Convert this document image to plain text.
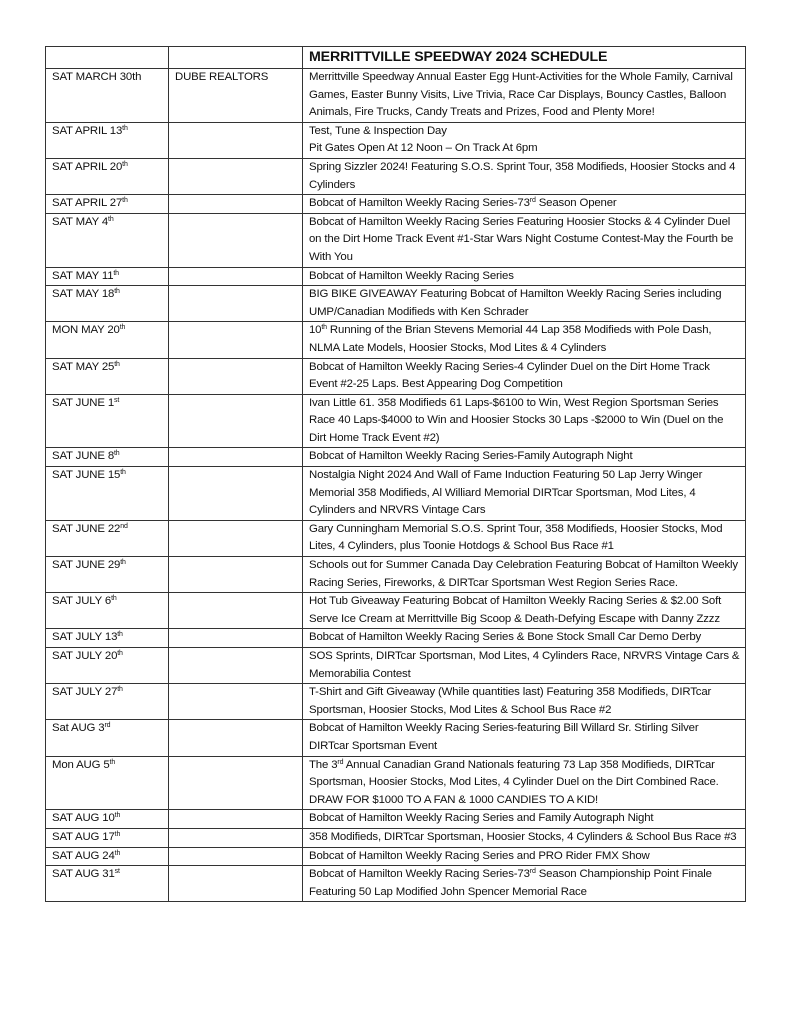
		MERRITTVILLE SPEEDWAY 2024 SCHEDULE
SAT MARCH 30th	DUBE REALTORS	Merrittville Speedway Annual Easter Egg Hunt-Activities for the Whole Family, Carnival Games, Easter Bunny Visits, Live Trivia, Race Car Displays, Bouncy Castles, Balloon Animals, Fire Trucks, Candy Treats and Prizes, Food and Plenty More!
SAT APRIL 13th		Test, Tune & Inspection Day
Pit Gates Open At 12 Noon – On Track At 6pm
SAT APRIL 20th		Spring Sizzler 2024! Featuring S.O.S. Sprint Tour, 358 Modifieds, Hoosier Stocks and 4 Cylinders
SAT APRIL 27th		Bobcat of Hamilton Weekly Racing Series-73rd Season Opener
SAT MAY 4th		Bobcat of Hamilton Weekly Racing Series Featuring Hoosier Stocks & 4 Cylinder Duel on the Dirt Home Track Event #1-Star Wars Night Costume Contest-May the Fourth be With You
SAT MAY 11th		Bobcat of Hamilton Weekly Racing Series
SAT MAY 18th		BIG BIKE GIVEAWAY Featuring Bobcat of Hamilton Weekly Racing Series including UMP/Canadian Modifieds with Ken Schrader
MON MAY 20th		10th Running of the Brian Stevens Memorial 44 Lap 358 Modifieds with Pole Dash, NLMA Late Models, Hoosier Stocks, Mod Lites & 4 Cylinders
SAT MAY 25th		Bobcat of Hamilton Weekly Racing Series-4 Cylinder Duel on the Dirt Home Track Event #2-25 Laps. Best Appearing Dog Competition
SAT JUNE 1st		Ivan Little 61. 358 Modifieds 61 Laps-$6100 to Win, West Region Sportsman Series Race 40 Laps-$4000 to Win and Hoosier Stocks 30 Laps -$2000 to Win (Duel on the Dirt Home Track Event #2)
SAT JUNE 8th		Bobcat of Hamilton Weekly Racing Series-Family Autograph Night
SAT JUNE 15th		Nostalgia Night 2024 And Wall of Fame Induction Featuring 50 Lap Jerry Winger Memorial 358 Modifieds, Al Williard Memorial DIRTcar Sportsman, Mod Lites, 4 Cylinders and NRVRS Vintage Cars
SAT JUNE 22nd		Gary Cunningham Memorial S.O.S. Sprint Tour, 358 Modifieds, Hoosier Stocks, Mod Lites, 4 Cylinders, plus Toonie Hotdogs & School Bus Race #1
SAT JUNE 29th		Schools out for Summer Canada Day Celebration Featuring Bobcat of Hamilton Weekly Racing Series, Fireworks, & DIRTcar Sportsman West Region Series Race.
SAT JULY 6th		Hot Tub Giveaway Featuring Bobcat of Hamilton Weekly Racing Series & $2.00 Soft Serve Ice Cream at Merrittville Big Scoop & Death-Defying Escape with Danny Zzzz
SAT JULY 13th		Bobcat of Hamilton Weekly Racing Series & Bone Stock Small Car Demo Derby
SAT JULY 20th		SOS Sprints, DIRTcar Sportsman, Mod Lites, 4 Cylinders Race, NRVRS Vintage Cars & Memorabilia Contest
SAT JULY 27th		T-Shirt and Gift Giveaway (While quantities last) Featuring 358 Modifieds, DIRTcar Sportsman, Hoosier Stocks, Mod Lites & School Bus Race #2
Sat AUG 3rd		Bobcat of Hamilton Weekly Racing Series-featuring Bill Willard Sr. Stirling Silver DIRTcar Sportsman Event
Mon AUG 5th		The 3rd Annual Canadian Grand Nationals featuring 73 Lap 358 Modifieds, DIRTcar Sportsman, Hoosier Stocks, Mod Lites, 4 Cylinder Duel on the Dirt Combined Race. DRAW FOR $1000 TO A FAN & 1000 CANDIES TO A KID!
SAT AUG 10th		Bobcat of Hamilton Weekly Racing Series and Family Autograph Night
SAT AUG 17th		358 Modifieds, DIRTcar Sportsman, Hoosier Stocks, 4 Cylinders & School Bus Race #3
SAT AUG 24th		Bobcat of Hamilton Weekly Racing Series and PRO Rider FMX Show
SAT AUG 31st		Bobcat of Hamilton Weekly Racing Series-73rd Season Championship Point Finale Featuring 50 Lap Modified John Spencer Memorial Race
